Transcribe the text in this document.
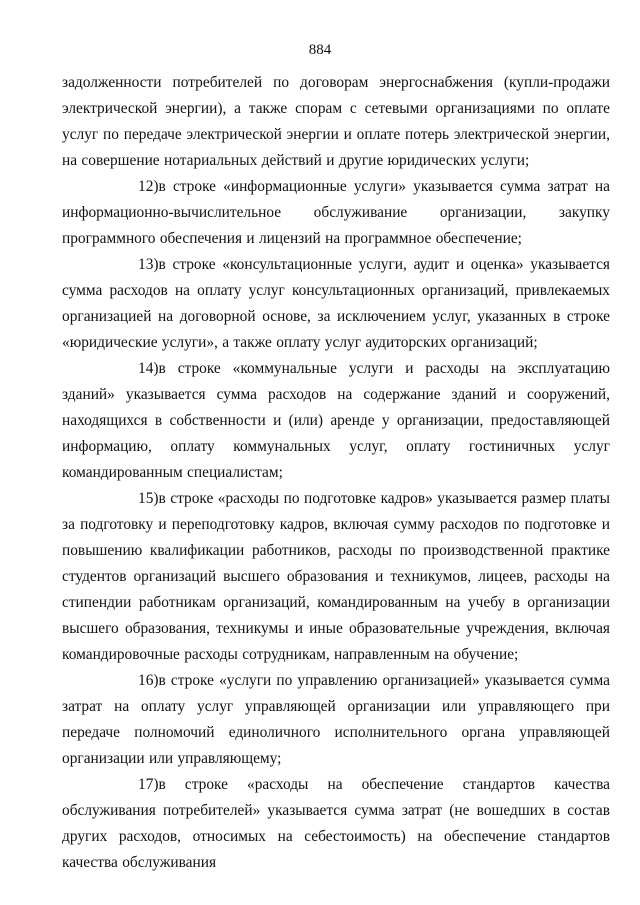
884

задолженности потребителей по договорам энергоснабжения (купли-продажи электрической энергии), а также спорам с сетевыми организациями по оплате услуг по передаче электрической энергии и оплате потерь электрической энергии, на совершение нотариальных действий и другие юридических услуги;

12)в строке «информационные услуги» указывается сумма затрат на информационно-вычислительное обслуживание организации, закупку программного обеспечения и лицензий на программное обеспечение;

13)в строке «консультационные услуги, аудит и оценка» указывается сумма расходов на оплату услуг консультационных организаций, привлекаемых организацией на договорной основе, за исключением услуг, указанных в строке «юридические услуги», а также оплату услуг аудиторских организаций;

14)в строке «коммунальные услуги и расходы на эксплуатацию зданий» указывается сумма расходов на содержание зданий и сооружений, находящихся в собственности и (или) аренде у организации, предоставляющей информацию, оплату коммунальных услуг, оплату гостиничных услуг командированным специалистам;

15)в строке «расходы по подготовке кадров» указывается размер платы за подготовку и переподготовку кадров, включая сумму расходов по подготовке и повышению квалификации работников, расходы по производственной практике студентов организаций высшего образования и техникумов, лицеев, расходы на стипендии работникам организаций, командированным на учебу в организации высшего образования, техникумы и иные образовательные учреждения, включая командировочные расходы сотрудникам, направленным на обучение;

16)в строке «услуги по управлению организацией» указывается сумма затрат на оплату услуг управляющей организации или управляющего при передаче полномочий единоличного исполнительного органа управляющей организации или управляющему;

17)в строке «расходы на обеспечение стандартов качества обслуживания потребителей» указывается сумма затрат (не вошедших в состав других расходов, относимых на себестоимость) на обеспечение стандартов качества обслуживания
